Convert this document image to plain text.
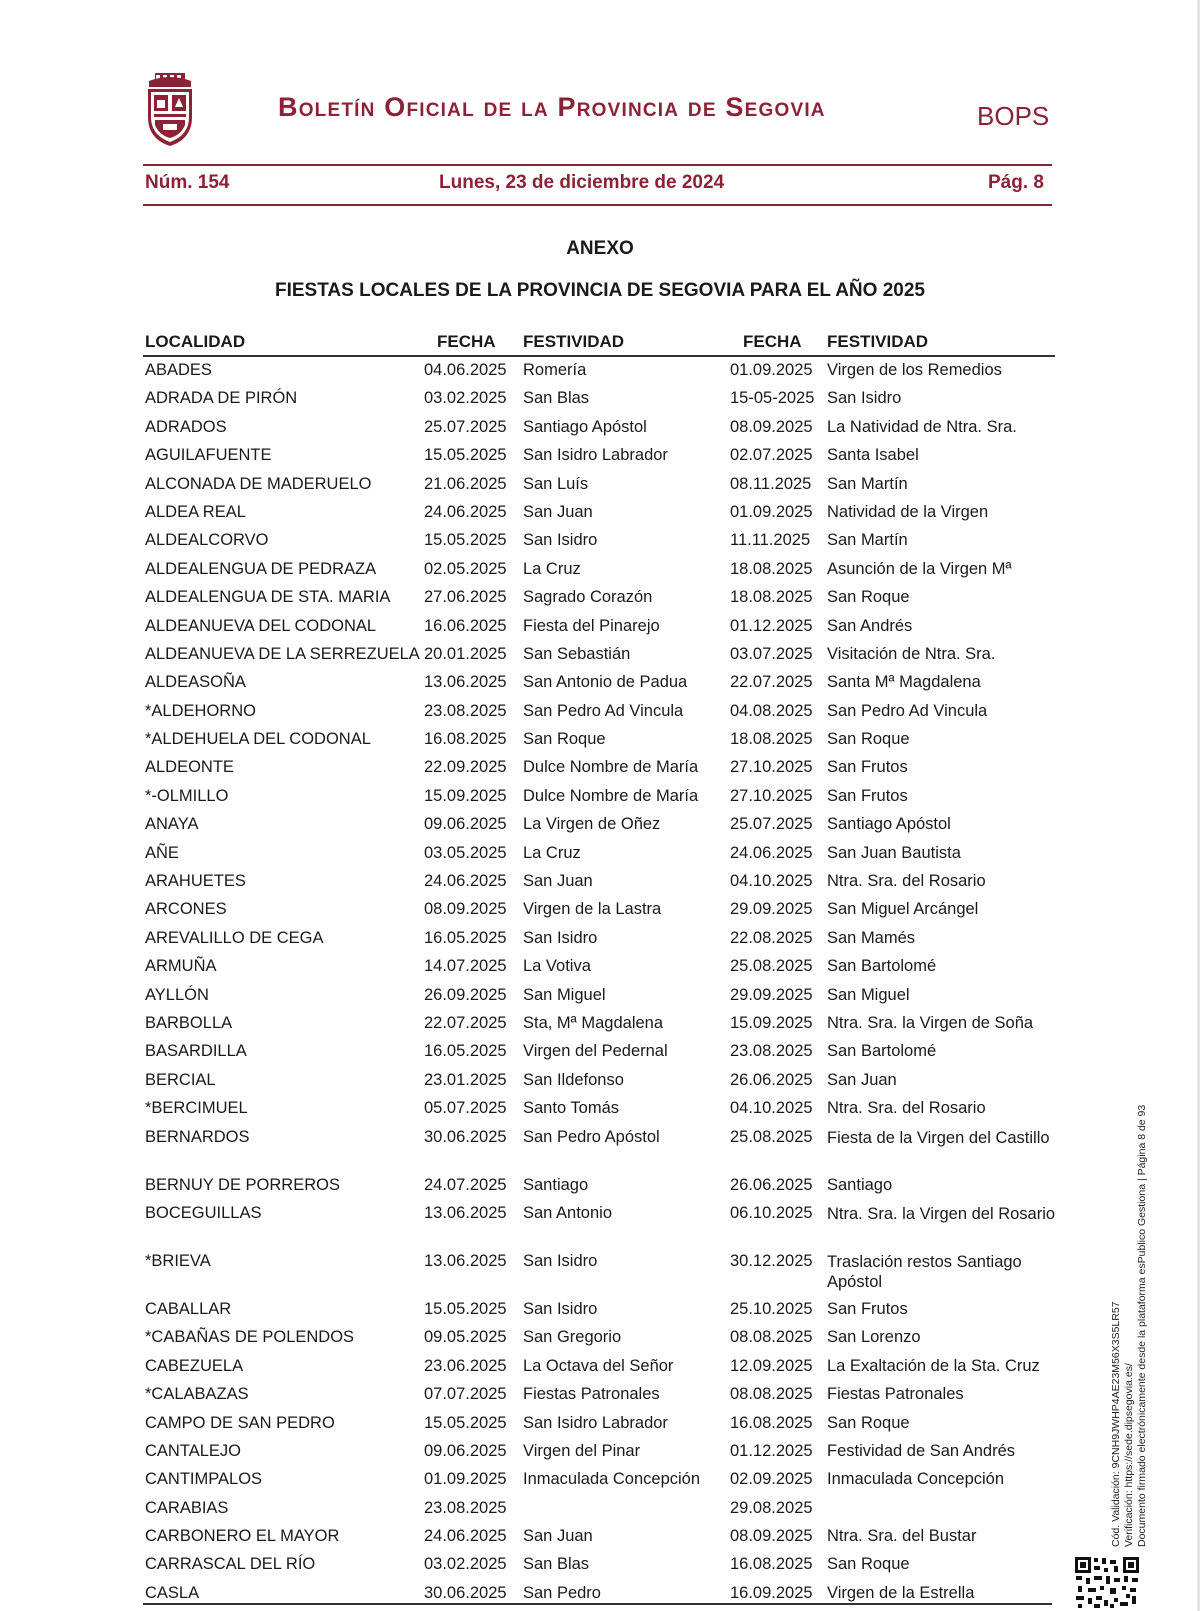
Boletín Oficial de la Provincia de Segovia	BOPS
Núm. 154	Lunes, 23 de diciembre de 2024	Pág. 8
ANEXO
FIESTAS LOCALES DE LA PROVINCIA DE SEGOVIA PARA EL AÑO 2025
LOCALIDAD	FECHA FESTIVIDAD	FECHA FESTIVIDAD
ABADES	04.06.2025 Romería	01.09.2025 Virgen de los Remedios
ADRADA DE PIRÓN	03.02.2025 San Blas	15-05-2025 San Isidro
ADRADOS	25.07.2025 Santiago Apóstol	08.09.2025 La Natividad de Ntra. Sra.
AGUILAFUENTE	15.05.2025 San Isidro Labrador	02.07.2025 Santa Isabel
ALCONADA DE MADERUELO	21.06.2025 San Luís	08.11.2025 San Martín
ALDEA REAL	24.06.2025 San Juan	01.09.2025 Natividad de la Virgen
ALDEALCORVO	15.05.2025 San Isidro	11.11.2025 San Martín
ALDEALENGUA DE PEDRAZA	02.05.2025 La Cruz	18.08.2025 Asunción de la Virgen Mª
ALDEALENGUA DE STA. MARIA 27.06.2025 Sagrado Corazón	18.08.2025 San Roque
ALDEANUEVA DEL CODONAL	16.06.2025 Fiesta del Pinarejo	01.12.2025 San Andrés
ALDEANUEVA DE LA SERREZUELA 20.01.2025 San Sebastián	03.07.2025 Visitación de Ntra. Sra.
ALDEASOÑA	13.06.2025 San Antonio de Padua	22.07.2025 Santa Mª Magdalena
*ALDEHORNO	23.08.2025 San Pedro Ad Vincula	04.08.2025 San Pedro Ad Vincula
*ALDEHUELA DEL CODONAL	16.08.2025 San Roque	18.08.2025 San Roque
ALDEONTE	22.09.2025 Dulce Nombre de María 27.10.2025 San Frutos
*-OLMILLO	15.09.2025 Dulce Nombre de María 27.10.2025 San Frutos
ANAYA	09.06.2025 La Virgen de Oñez	25.07.2025 Santiago Apóstol
AÑE	03.05.2025 La Cruz	24.06.2025 San Juan Bautista
ARAHUETES	24.06.2025 San Juan	04.10.2025 Ntra. Sra. del Rosario
ARCONES	08.09.2025 Virgen de la Lastra	29.09.2025 San Miguel Arcángel
AREVALILLO DE CEGA	16.05.2025 San Isidro	22.08.2025 San Mamés
ARMUÑA	14.07.2025 La Votiva	25.08.2025 San Bartolomé
AYLLÓN	26.09.2025 San Miguel	29.09.2025 San Miguel
BARBOLLA	22.07.2025 Sta, Mª Magdalena	15.09.2025 Ntra. Sra. la Virgen de Soña
BASARDILLA	16.05.2025 Virgen del Pedernal	23.08.2025 San Bartolomé
BERCIAL	23.01.2025 San Ildefonso	26.06.2025 San Juan
*BERCIMUEL	05.07.2025 Santo Tomás	04.10.2025 Ntra. Sra. del Rosario
BERNARDOS	30.06.2025 San Pedro Apóstol	25.08.2025 Fiesta de la Virgen del Castillo
BERNUY DE PORREROS	24.07.2025 Santiago	26.06.2025 Santiago
BOCEGUILLAS	13.06.2025 San Antonio	06.10.2025 Ntra. Sra. la Virgen del Rosario
*BRIEVA	13.06.2025 San Isidro	30.12.2025 Traslación restos Santiago Apóstol
CABALLAR	15.05.2025 San Isidro	25.10.2025 San Frutos
*CABAÑAS DE POLENDOS	09.05.2025 San Gregorio	08.08.2025 San Lorenzo
CABEZUELA	23.06.2025 La Octava del Señor	12.09.2025 La Exaltación de la Sta. Cruz
*CALABAZAS	07.07.2025 Fiestas Patronales	08.08.2025 Fiestas Patronales
CAMPO DE SAN PEDRO	15.05.2025 San Isidro Labrador	16.08.2025 San Roque
CANTALEJO	09.06.2025 Virgen del Pinar	01.12.2025 Festividad de San Andrés
CANTIMPALOS	01.09.2025 Inmaculada Concepción 02.09.2025 Inmaculada Concepción
CARABIAS	23.08.2025	29.08.2025
CARBONERO EL MAYOR	24.06.2025 San Juan	08.09.2025 Ntra. Sra. del Bustar
CARRASCAL DEL RÍO	03.02.2025 San Blas	16.08.2025 San Roque
CASLA	30.06.2025 San Pedro	16.09.2025 Virgen de la Estrella
Cód. Validación: 9CNH9JWHP4AE23M56X3S5LR57 Verificación: https://sede.dipsegovia.es/ Documento firmado electrónicamente desde la plataforma esPublico Gestiona | Página 8 de 93
